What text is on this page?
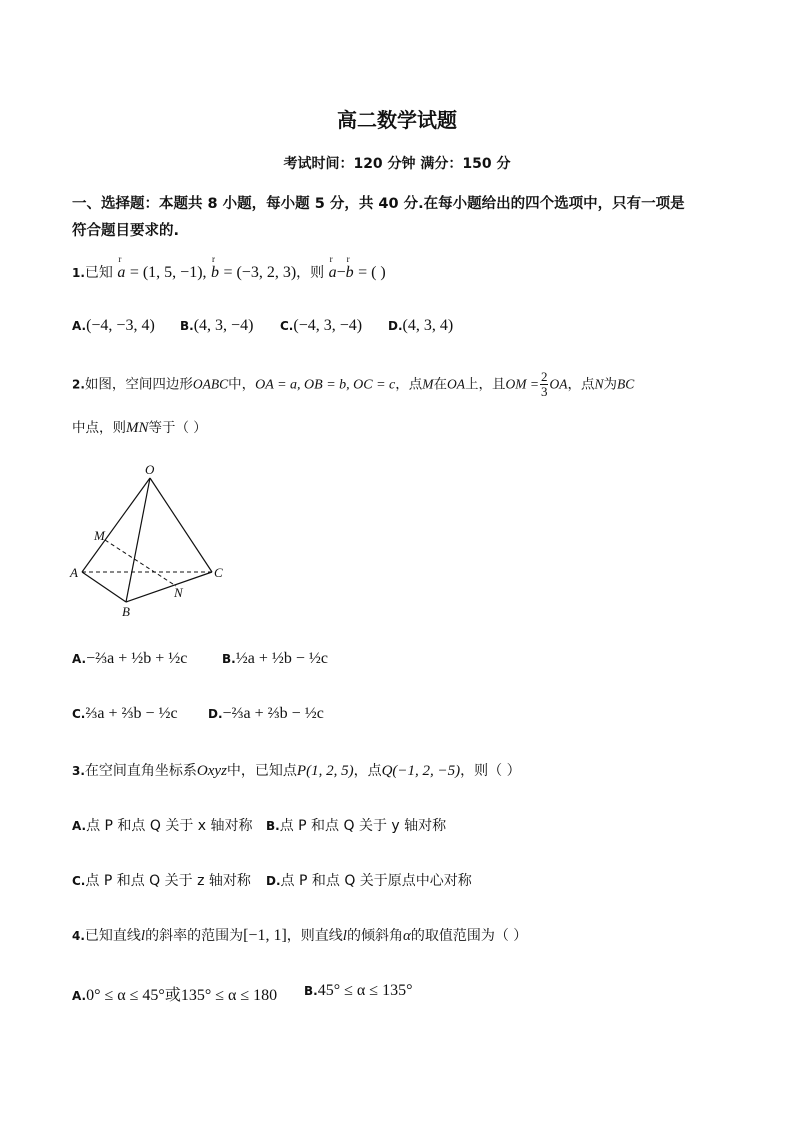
高二数学试题
考试时间：120 分钟 满分：150 分
一、选择题：本题共 8 小题，每小题 5 分，共 40 分.在每小题给出的四个选项中，只有一项是
符合题目要求的.
1.已知
r
a = (1, 5, −1),
r
b = (−3, 2, 3)，则
r
a−
r
b = ( )
A.(−4, −3, 4) B.(4, 3, −4) C.(−4, 3, −4) D.(4, 3, 4)
2.如图，空间四边形OABC中，OA = a, OB = b, OC = c，点M在OA上，且OM = $\frac{2}{3}$ OA，点N为BC
中点，则MN等于（ ）
O
M
A	C
N
B
A.−⅔a + ½b + ½c	B.½a + ½b − ½c
C.⅔a + ⅔b − ½c	D.−⅔a + ⅔b − ½c
3.在空间直角坐标系Oxyz中，已知点P(1, 2, 5)，点Q(−1, 2, −5)，则（ ）
A.点 P 和点 Q 关于 x 轴对称 B.点 P 和点 Q 关于 y 轴对称
C.点 P 和点 Q 关于 z 轴对称 D.点 P 和点 Q 关于原点中心对称
4.已知直线l的斜率的范围为[−1, 1]，则直线l的倾斜角α的取值范围为（ ）
A.0° ≤ α ≤ 45°或135° ≤ α ≤ 180 B.45° ≤ α ≤ 135°
